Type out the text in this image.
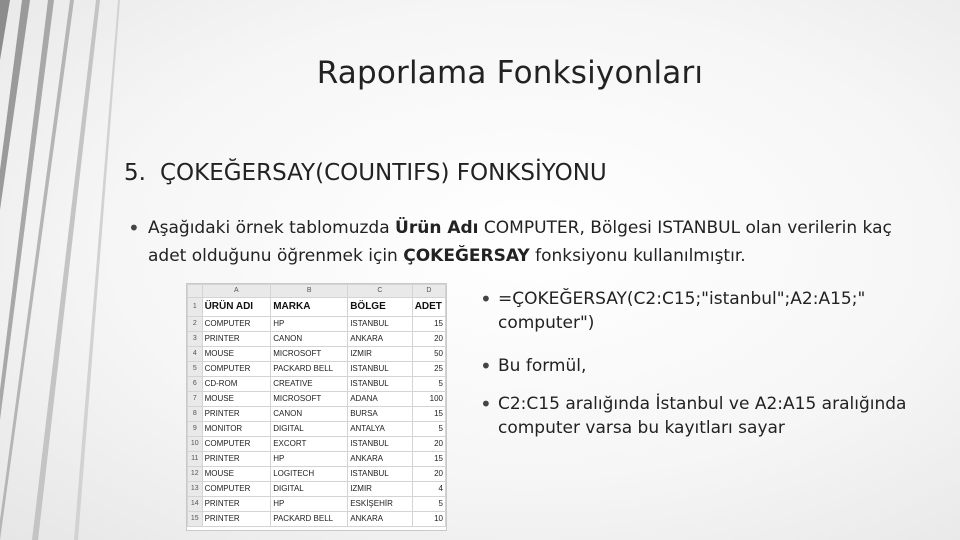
Raporlama Fonksiyonları
5. ÇOKEĞERSAY(COUNTIFS) FONKSİYONU
• Aşağıdaki örnek tablomuzda Ürün Adı COMPUTER, Bölgesi ISTANBUL olan verilerin kaç adet olduğunu öğrenmek için ÇOKEĞERSAY fonksiyonu kullanılmıştır.
	A	B	C	D
1	ÜRÜN ADI	MARKA	BÖLGE	ADET
2	COMPUTER	HP	ISTANBUL	15
3	PRINTER	CANON	ANKARA	20
4	MOUSE	MICROSOFT	IZMIR	50
5	COMPUTER	PACKARD BELL	ISTANBUL	25
6	CD-ROM	CREATIVE	ISTANBUL	5
7	MOUSE	MICROSOFT	ADANA	100
8	PRINTER	CANON	BURSA	15
9	MONITOR	DIGITAL	ANTALYA	5
10	COMPUTER	EXCORT	ISTANBUL	20
11	PRINTER	HP	ANKARA	15
12	MOUSE	LOGITECH	ISTANBUL	20
13	COMPUTER	DIGITAL	IZMIR	4
14	PRINTER	HP	ESKİŞEHİR	5
15	PRINTER	PACKARD BELL	ANKARA	10
• =ÇOKEĞERSAY(C2:C15;"istanbul";A2:A15;" computer")
• Bu formül,
• C2:C15 aralığında İstanbul ve A2:A15 aralığında computer varsa bu kayıtları sayar
